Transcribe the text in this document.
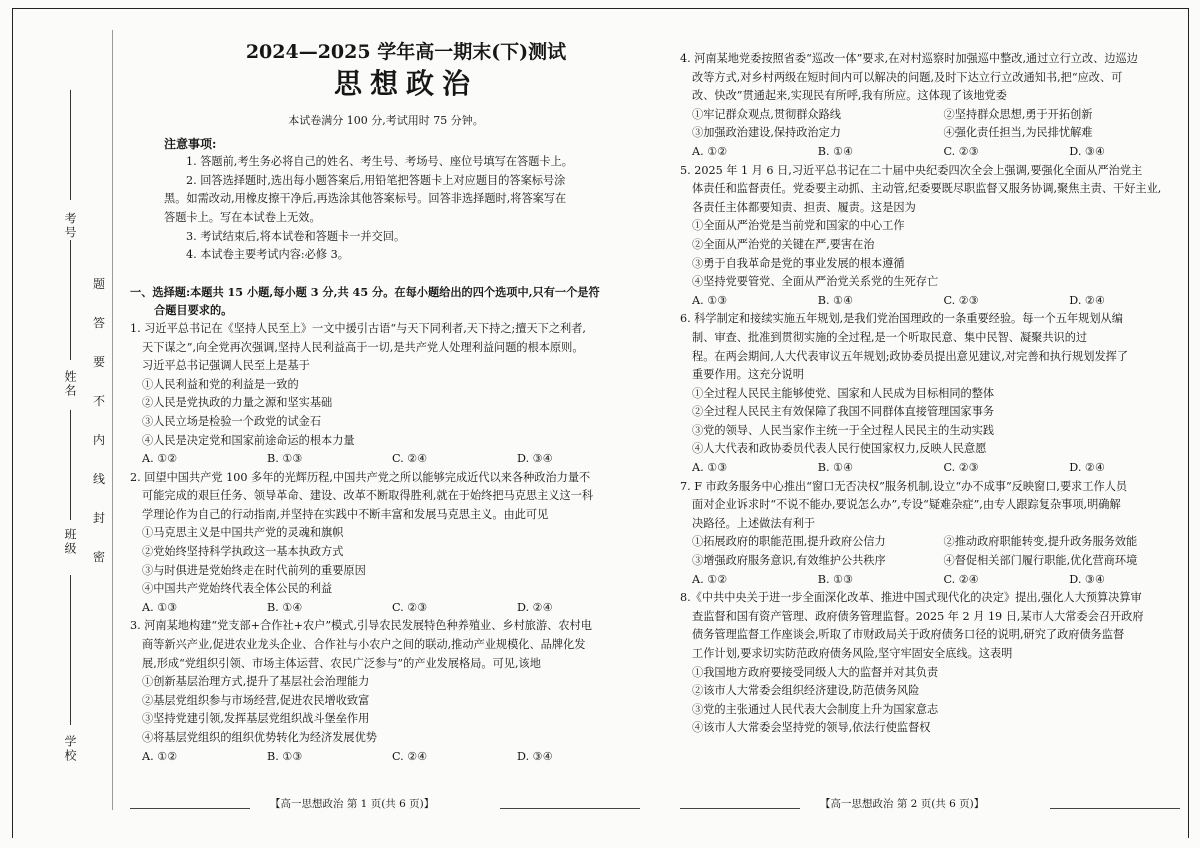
考号
姓名
班级
学校
题
答
要
不
内
线
封
密
2024—2025 学年高一期末(下)测试
思想政治
本试卷满分 100 分,考试用时 75 分钟。
注意事项:

1. 答题前,考生务必将自己的姓名、考生号、考场号、座位号填写在答题卡上。

2. 回答选择题时,选出每小题答案后,用铅笔把答题卡上对应题目的答案标号涂

黑。如需改动,用橡皮擦干净后,再选涂其他答案标号。回答非选择题时,将答案写在

答题卡上。写在本试卷上无效。

3. 考试结束后,将本试卷和答题卡一并交回。

4. 本试卷主要考试内容:必修 3。

一、选择题:本题共 15 小题,每小题 3 分,共 45 分。在每小题给出的四个选项中,只有一个是符
合题目要求的。
1. 习近平总书记在《坚持人民至上》一文中援引古语“与天下同利者,天下持之;擅天下之利者,
天下谋之”,向全党再次强调,坚持人民利益高于一切,是共产党人处理利益问题的根本原则。
习近平总书记强调人民至上是基于
①人民利益和党的利益是一致的
②人民是党执政的力量之源和坚实基础
③人民立场是检验一个政党的试金石
④人民是决定党和国家前途命运的根本力量
A. ①②	B. ①③	C. ②④	D. ③④
2. 回望中国共产党 100 多年的光辉历程,中国共产党之所以能够完成近代以来各种政治力量不
可能完成的艰巨任务、领导革命、建设、改革不断取得胜利,就在于始终把马克思主义这一科
学理论作为自己的行动指南,并坚持在实践中不断丰富和发展马克思主义。由此可见
①马克思主义是中国共产党的灵魂和旗帜
②党始终坚持科学执政这一基本执政方式
③与时俱进是党始终走在时代前列的重要原因
④中国共产党始终代表全体公民的利益
A. ①③	B. ①④	C. ②③	D. ②④
3. 河南某地构建“党支部+合作社+农户”模式,引导农民发展特色种养殖业、乡村旅游、农村电
商等新兴产业,促进农业龙头企业、合作社与小农户之间的联动,推动产业规模化、品牌化发
展,形成“党组织引领、市场主体运营、农民广泛参与”的产业发展格局。可见,该地
①创新基层治理方式,提升了基层社会治理能力
②基层党组织参与市场经营,促进农民增收致富
③坚持党建引领,发挥基层党组织战斗堡垒作用
④将基层党组织的组织优势转化为经济发展优势
A. ①②	B. ①③	C. ②④	D. ③④
4. 河南某地党委按照省委“巡改一体”要求,在对村巡察时加强巡中整改,通过立行立改、边巡边
改等方式,对乡村两级在短时间内可以解决的问题,及时下达立行立改通知书,把“应改、可
改、快改”贯通起来,实现民有所呼,我有所应。这体现了该地党委
①牢记群众观点,贯彻群众路线	②坚持群众思想,勇于开拓创新
③加强政治建设,保持政治定力	④强化责任担当,为民排忧解难
A. ①②	B. ①④	C. ②③	D. ③④
5. 2025 年 1 月 6 日,习近平总书记在二十届中央纪委四次全会上强调,要强化全面从严治党主
体责任和监督责任。党委要主动抓、主动管,纪委要既尽职监督又服务协调,聚焦主责、干好主业,
各责任主体都要知责、担责、履责。这是因为
①全面从严治党是当前党和国家的中心工作
②全面从严治党的关键在严,要害在治
③勇于自我革命是党的事业发展的根本遵循
④坚持党要管党、全面从严治党关系党的生死存亡
A. ①③	B. ①④	C. ②③	D. ②④
6. 科学制定和接续实施五年规划,是我们党治国理政的一条重要经验。每一个五年规划从编
制、审查、批准到贯彻实施的全过程,是一个听取民意、集中民智、凝聚共识的过
程。在两会期间,人大代表审议五年规划;政协委员提出意见建议,对完善和执行规划发挥了
重要作用。这充分说明
①全过程人民民主能够使党、国家和人民成为目标相同的整体
②全过程人民民主有效保障了我国不同群体直接管理国家事务
③党的领导、人民当家作主统一于全过程人民民主的生动实践
④人大代表和政协委员代表人民行使国家权力,反映人民意愿
A. ①③	B. ①④	C. ②③	D. ②④
7. F 市政务服务中心推出“窗口无否决权”服务机制,设立“办不成事”反映窗口,要求工作人员
面对企业诉求时“不说不能办,要说怎么办”,专设“疑难杂症”,由专人跟踪复杂事项,明确解
决路径。上述做法有利于
①拓展政府的职能范围,提升政府公信力	②推动政府职能转变,提升政务服务效能
③增强政府服务意识,有效维护公共秩序	④督促相关部门履行职能,优化营商环境
A. ①②	B. ①③	C. ②④	D. ③④
8.《中共中央关于进一步全面深化改革、推进中国式现代化的决定》提出,强化人大预算决算审
查监督和国有资产管理、政府债务管理监督。2025 年 2 月 19 日,某市人大常委会召开政府
债务管理监督工作座谈会,听取了市财政局关于政府债务口径的说明,研究了政府债务监督
工作计划,要求切实防范政府债务风险,坚守牢固安全底线。这表明
①我国地方政府要接受同级人大的监督并对其负责
②该市人大常委会组织经济建设,防范债务风险
③党的主张通过人民代表大会制度上升为国家意志
④该市人大常委会坚持党的领导,依法行使监督权
【高一思想政治 第 1 页(共 6 页)】	【高一思想政治 第 2 页(共 6 页)】
